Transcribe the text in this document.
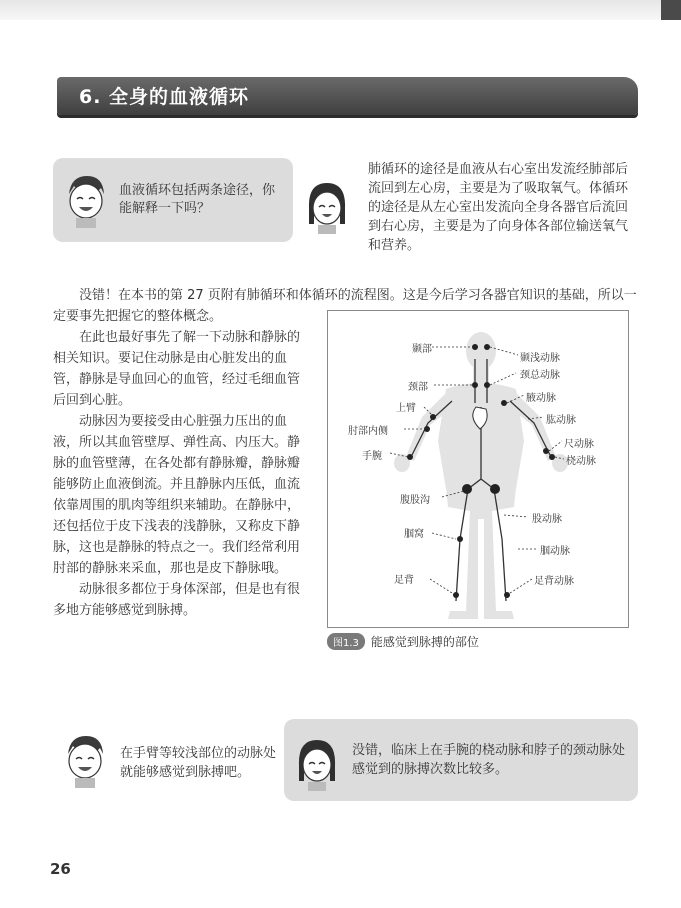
6. 全身的血液循环
血液循环包括两条途径，你能解释一下吗？
肺循环的途径是血液从右心室出发流经肺部后流回到左心房，主要是为了吸取氧气。体循环的途径是从左心室出发流向全身各器官后流回到右心房，主要是为了向身体各部位输送氧气和营养。

没错！在本书的第 27 页附有肺循环和体循环的流程图。这是今后学习各器官知识的基础，所以一定要事先把握它的整体概念。

在此也最好事先了解一下动脉和静脉的相关知识。要记住动脉是由心脏发出的血管，静脉是导血回心的血管，经过毛细血管后回到心脏。

动脉因为要接受由心脏强力压出的血液，所以其血管壁厚、弹性高、内压大。静脉的血管壁薄，在各处都有静脉瓣，静脉瓣能够防止血液倒流。并且静脉内压低，血流依靠周围的肌肉等组织来辅助。在静脉中，还包括位于皮下浅表的浅静脉，又称皮下静脉，这也是静脉的特点之一。我们经常利用肘部的静脉来采血，那也是皮下静脉哦。

动脉很多都位于身体深部，但是也有很多地方能够感觉到脉搏。

颞部
颈部
上臂
肘部内侧
手腕
腹股沟
腘窝
足背
颞浅动脉
颈总动脉
腋动脉
肱动脉
尺动脉
桡动脉
股动脉
腘动脉
足背动脉
图1.3 能感觉到脉搏的部位
在手臂等较浅部位的动脉处就能够感觉到脉搏吧。
没错，临床上在手腕的桡动脉和脖子的颈动脉处感觉到的脉搏次数比较多。
26
